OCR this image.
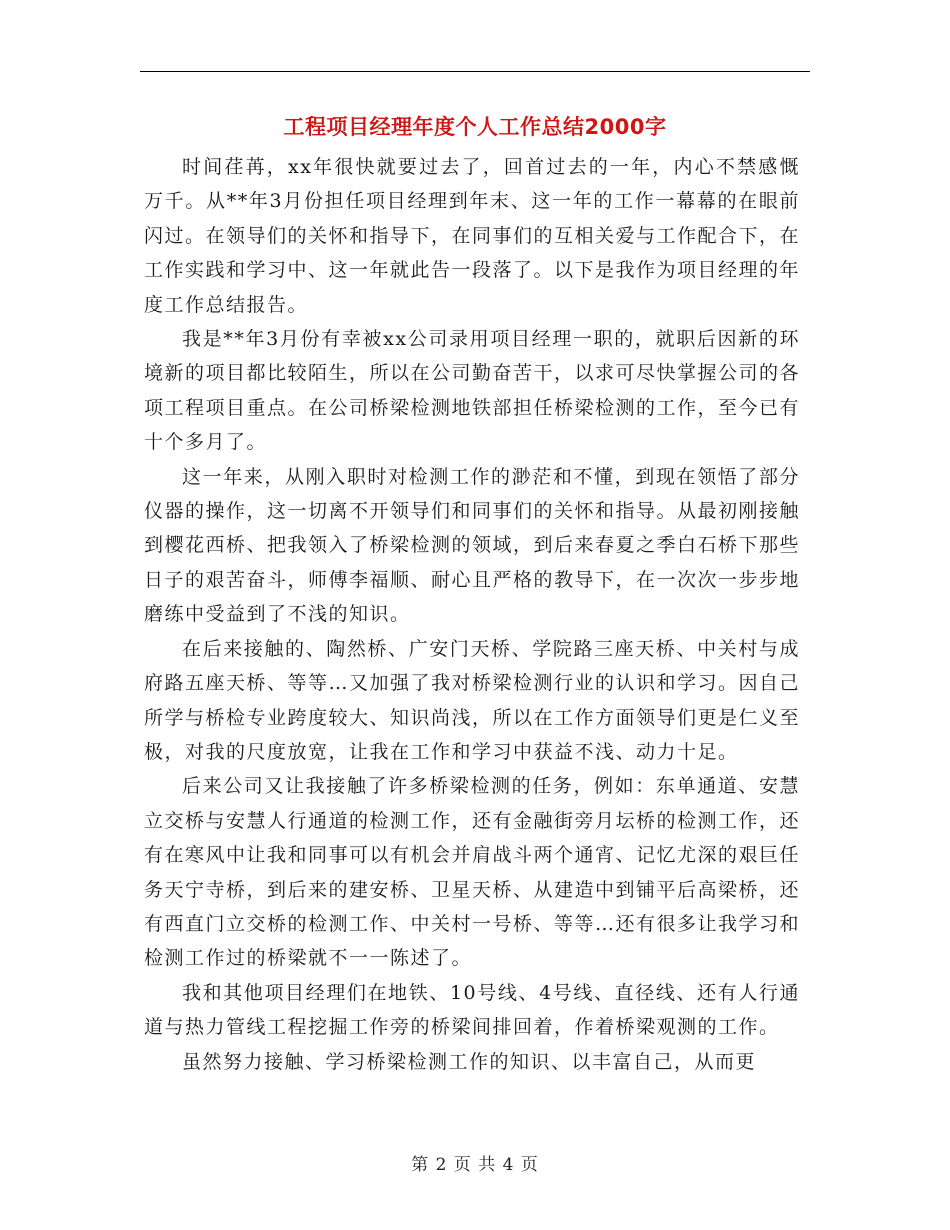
工程项目经理年度个人工作总结2000字

时间荏苒，xx年很快就要过去了，回首过去的一年，内心不禁感慨万千。从**年3月份担任项目经理到年末、这一年的工作一幕幕的在眼前闪过。在领导们的关怀和指导下，在同事们的互相关爱与工作配合下，在工作实践和学习中、这一年就此告一段落了。以下是我作为项目经理的年度工作总结报告。

我是**年3月份有幸被xx公司录用项目经理一职的，就职后因新的环境新的项目都比较陌生，所以在公司勤奋苦干，以求可尽快掌握公司的各项工程项目重点。在公司桥梁检测地铁部担任桥梁检测的工作，至今已有十个多月了。

这一年来，从刚入职时对检测工作的渺茫和不懂，到现在领悟了部分仪器的操作，这一切离不开领导们和同事们的关怀和指导。从最初刚接触到樱花西桥、把我领入了桥梁检测的领域，到后来春夏之季白石桥下那些日子的艰苦奋斗，师傅李福顺、耐心且严格的教导下，在一次次一步步地磨练中受益到了不浅的知识。

在后来接触的、陶然桥、广安门天桥、学院路三座天桥、中关村与成府路五座天桥、等等…又加强了我对桥梁检测行业的认识和学习。因自己所学与桥检专业跨度较大、知识尚浅，所以在工作方面领导们更是仁义至极，对我的尺度放宽，让我在工作和学习中获益不浅、动力十足。

后来公司又让我接触了许多桥梁检测的任务，例如：东单通道、安慧立交桥与安慧人行通道的检测工作，还有金融街旁月坛桥的检测工作，还有在寒风中让我和同事可以有机会并肩战斗两个通宵、记忆尤深的艰巨任务天宁寺桥，到后来的建安桥、卫星天桥、从建造中到铺平后高梁桥，还有西直门立交桥的检测工作、中关村一号桥、等等…还有很多让我学习和检测工作过的桥梁就不一一陈述了。

我和其他项目经理们在地铁、10号线、4号线、直径线、还有人行通道与热力管线工程挖掘工作旁的桥梁间排回着，作着桥梁观测的工作。

虽然努力接触、学习桥梁检测工作的知识、以丰富自己，从而更

第 2 页 共 4 页
